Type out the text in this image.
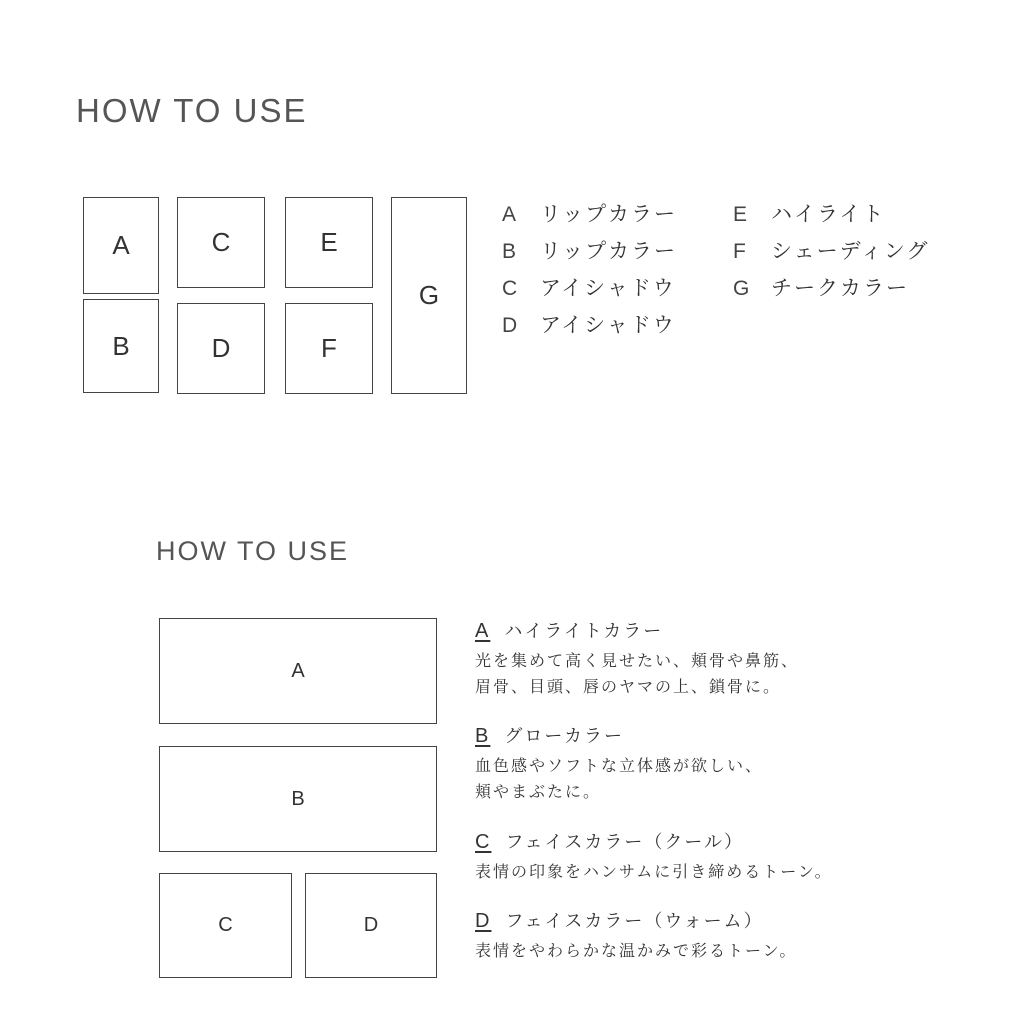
HOW TO USE
A
B
C
D
E
F
G
A リップカラー
B リップカラー
C アイシャドウ
D アイシャドウ
E ハイライト
F シェーディング
G チークカラー
HOW TO USE
A
B
C	D
A ハイライトカラー
光を集めて高く見せたい、頬骨や鼻筋、
眉骨、目頭、唇のヤマの上、鎖骨に。
B グローカラー
血色感やソフトな立体感が欲しい、
頬やまぶたに。
C フェイスカラー（クール）
表情の印象をハンサムに引き締めるトーン。
D フェイスカラー（ウォーム）
表情をやわらかな温かみで彩るトーン。
